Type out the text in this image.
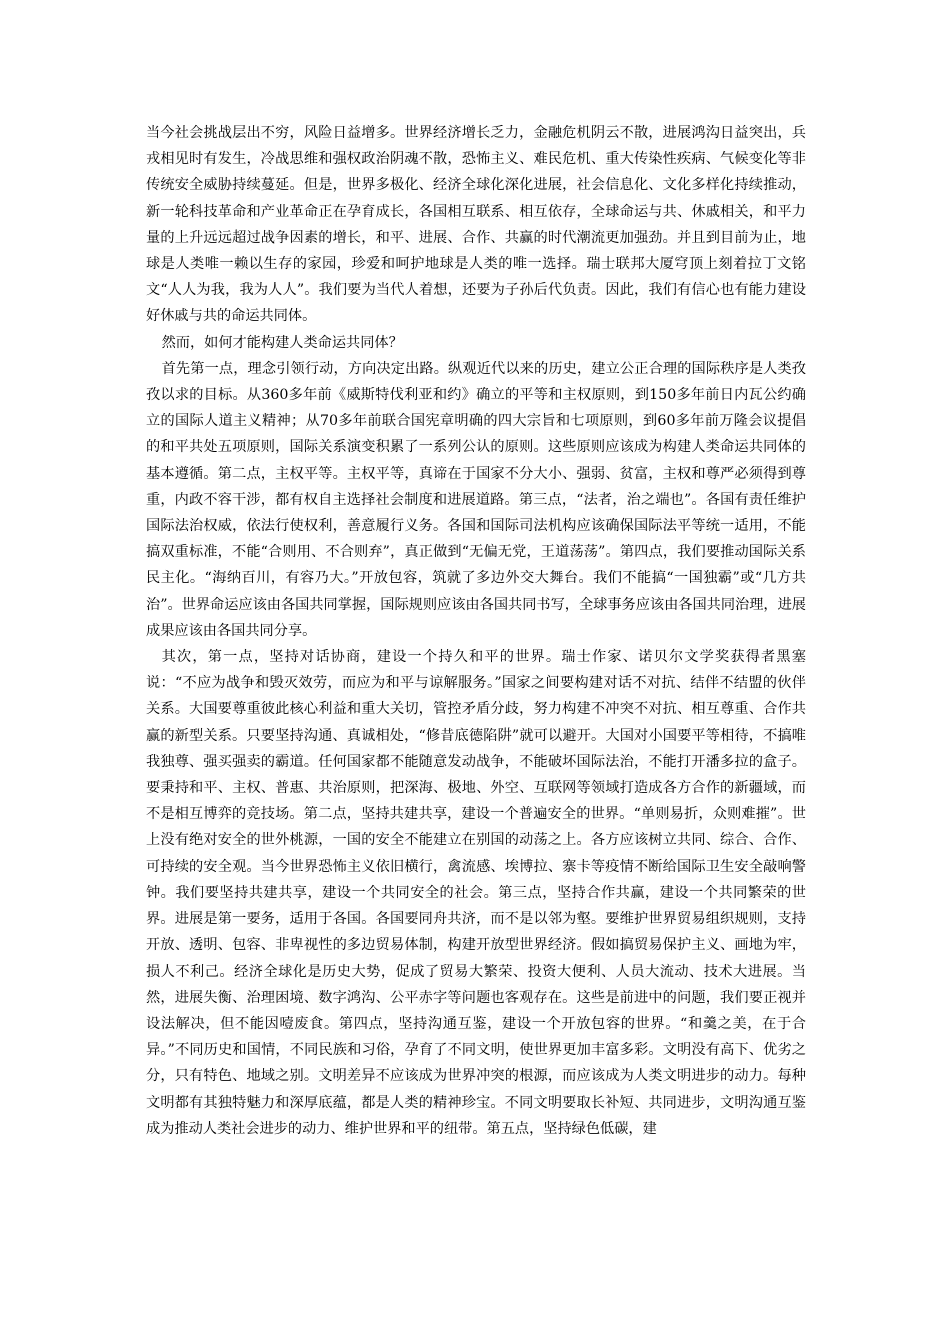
当今社会挑战层出不穷，风险日益增多。世界经济增长乏力，金融危机阴云不散，进展鸿沟日益突出，兵戎相见时有发生，冷战思维和强权政治阴魂不散，恐怖主义、难民危机、重大传染性疾病、气候变化等非传统安全威胁持续蔓延。但是，世界多极化、经济全球化深化进展，社会信息化、文化多样化持续推动，新一轮科技革命和产业革命正在孕育成长，各国相互联系、相互依存，全球命运与共、休戚相关，和平力量的上升远远超过战争因素的增长，和平、进展、合作、共赢的时代潮流更加强劲。并且到目前为止，地球是人类唯一赖以生存的家园，珍爱和呵护地球是人类的唯一选择。瑞士联邦大厦穹顶上刻着拉丁文铭文“人人为我，我为人人”。我们要为当代人着想，还要为子孙后代负责。因此，我们有信心也有能力建设好休戚与共的命运共同体。

然而，如何才能构建人类命运共同体？

首先第一点，理念引领行动，方向决定出路。纵观近代以来的历史，建立公正合理的国际秩序是人类孜孜以求的目标。从360多年前《威斯特伐利亚和约》确立的平等和主权原则，到150多年前日内瓦公约确立的国际人道主义精神；从70多年前联合国宪章明确的四大宗旨和七项原则，到60多年前万隆会议提倡的和平共处五项原则，国际关系演变积累了一系列公认的原则。这些原则应该成为构建人类命运共同体的基本遵循。第二点，主权平等。主权平等，真谛在于国家不分大小、强弱、贫富，主权和尊严必须得到尊重，内政不容干涉，都有权自主选择社会制度和进展道路。第三点，“法者，治之端也”。各国有责任维护国际法治权威，依法行使权利，善意履行义务。各国和国际司法机构应该确保国际法平等统一适用，不能搞双重标准，不能“合则用、不合则弃”，真正做到“无偏无党，王道荡荡”。第四点，我们要推动国际关系民主化。“海纳百川，有容乃大。”开放包容，筑就了多边外交大舞台。我们不能搞“一国独霸”或“几方共治”。世界命运应该由各国共同掌握，国际规则应该由各国共同书写，全球事务应该由各国共同治理，进展成果应该由各国共同分享。

其次，第一点，坚持对话协商，建设一个持久和平的世界。瑞士作家、诺贝尔文学奖获得者黑塞说：“不应为战争和毁灭效劳，而应为和平与谅解服务。”国家之间要构建对话不对抗、结伴不结盟的伙伴关系。大国要尊重彼此核心利益和重大关切，管控矛盾分歧，努力构建不冲突不对抗、相互尊重、合作共赢的新型关系。只要坚持沟通、真诚相处，“修昔底德陷阱”就可以避开。大国对小国要平等相待，不搞唯我独尊、强买强卖的霸道。任何国家都不能随意发动战争，不能破坏国际法治，不能打开潘多拉的盒子。要秉持和平、主权、普惠、共治原则，把深海、极地、外空、互联网等领域打造成各方合作的新疆域，而不是相互博弈的竞技场。第二点，坚持共建共享，建设一个普遍安全的世界。“单则易折，众则难摧”。世上没有绝对安全的世外桃源，一国的安全不能建立在别国的动荡之上。各方应该树立共同、综合、合作、可持续的安全观。当今世界恐怖主义依旧横行，禽流感、埃博拉、寨卡等疫情不断给国际卫生安全敲响警钟。我们要坚持共建共享，建设一个共同安全的社会。第三点，坚持合作共赢，建设一个共同繁荣的世界。进展是第一要务，适用于各国。各国要同舟共济，而不是以邻为壑。要维护世界贸易组织规则，支持开放、透明、包容、非卑视性的多边贸易体制，构建开放型世界经济。假如搞贸易保护主义、画地为牢，损人不利己。经济全球化是历史大势，促成了贸易大繁荣、投资大便利、人员大流动、技术大进展。当然，进展失衡、治理困境、数字鸿沟、公平赤字等问题也客观存在。这些是前进中的问题，我们要正视并设法解决，但不能因噎废食。第四点，坚持沟通互鉴，建设一个开放包容的世界。“和羹之美，在于合异。”不同历史和国情，不同民族和习俗，孕育了不同文明，使世界更加丰富多彩。文明没有高下、优劣之分，只有特色、地域之别。文明差异不应该成为世界冲突的根源，而应该成为人类文明进步的动力。每种文明都有其独特魅力和深厚底蕴，都是人类的精神珍宝。不同文明要取长补短、共同进步，文明沟通互鉴成为推动人类社会进步的动力、维护世界和平的纽带。第五点，坚持绿色低碳，建
